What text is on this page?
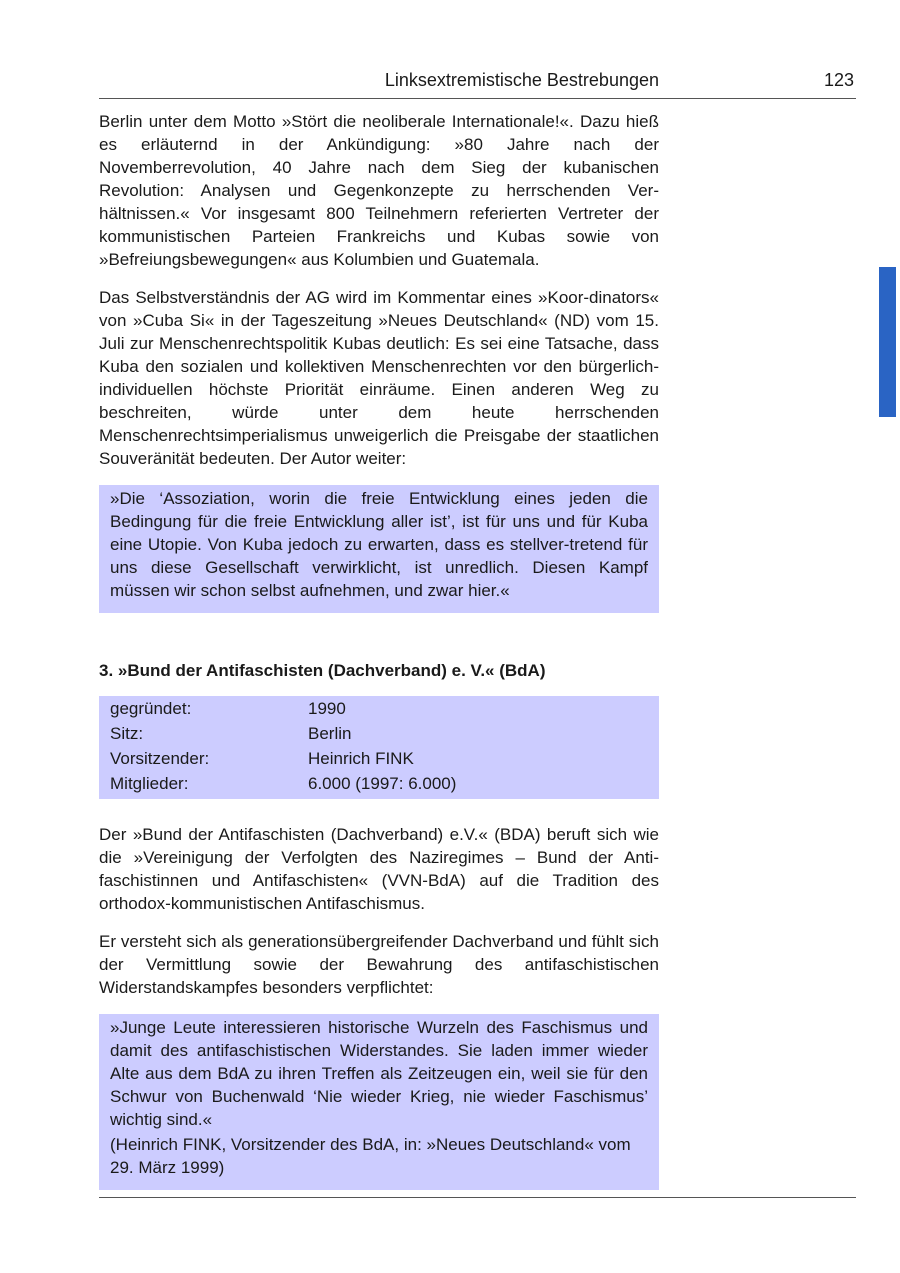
Linksextremistische Bestrebungen	123

Berlin unter dem Motto »Stört die neoliberale Internationale!«. Dazu hieß es erläuternd in der Ankündigung: »80 Jahre nach der Novemberrevolution, 40 Jahre nach dem Sieg der kubanischen Revolution: Analysen und Gegenkonzepte zu herrschenden Ver-hältnissen.« Vor insgesamt 800 Teilnehmern referierten Vertreter der kommunistischen Parteien Frankreichs und Kubas sowie von »Befreiungsbewegungen« aus Kolumbien und Guatemala.

Das Selbstverständnis der AG wird im Kommentar eines »Koor-dinators« von »Cuba Si« in der Tageszeitung »Neues Deutschland« (ND) vom 15. Juli zur Menschenrechtspolitik Kubas deutlich: Es sei eine Tatsache, dass Kuba den sozialen und kollektiven Menschenrechten vor den bürgerlich-individuellen höchste Priorität einräume. Einen anderen Weg zu beschreiten, würde unter dem heute herrschenden Menschenrechtsimperialismus unweigerlich die Preisgabe der staatlichen Souveränität bedeuten. Der Autor weiter:

»Die ‘Assoziation, worin die freie Entwicklung eines jeden die Bedingung für die freie Entwicklung aller ist’, ist für uns und für Kuba eine Utopie. Von Kuba jedoch zu erwarten, dass es stellver-tretend für uns diese Gesellschaft verwirklicht, ist unredlich. Diesen Kampf müssen wir schon selbst aufnehmen, und zwar hier.«

3. »Bund der Antifaschisten (Dachverband) e. V.« (BdA)
gegründet:	1990
Sitz:	Berlin
Vorsitzender:	Heinrich FINK
Mitglieder:	6.000 (1997: 6.000)

Der »Bund der Antifaschisten (Dachverband) e.V.« (BDA) beruft sich wie die »Vereinigung der Verfolgten des Naziregimes – Bund der Anti-faschistinnen und Antifaschisten« (VVN-BdA) auf die Tradition des orthodox-kommunistischen Antifaschismus.

Er versteht sich als generationsübergreifender Dachverband und fühlt sich der Vermittlung sowie der Bewahrung des antifaschistischen Widerstandskampfes besonders verpflichtet:

»Junge Leute interessieren historische Wurzeln des Faschismus und damit des antifaschistischen Widerstandes. Sie laden immer wieder Alte aus dem BdA zu ihren Treffen als Zeitzeugen ein, weil sie für den Schwur von Buchenwald ‘Nie wieder Krieg, nie wieder Faschismus’ wichtig sind.«

(Heinrich FINK, Vorsitzender des BdA, in: »Neues Deutschland« vom 29. März 1999)
